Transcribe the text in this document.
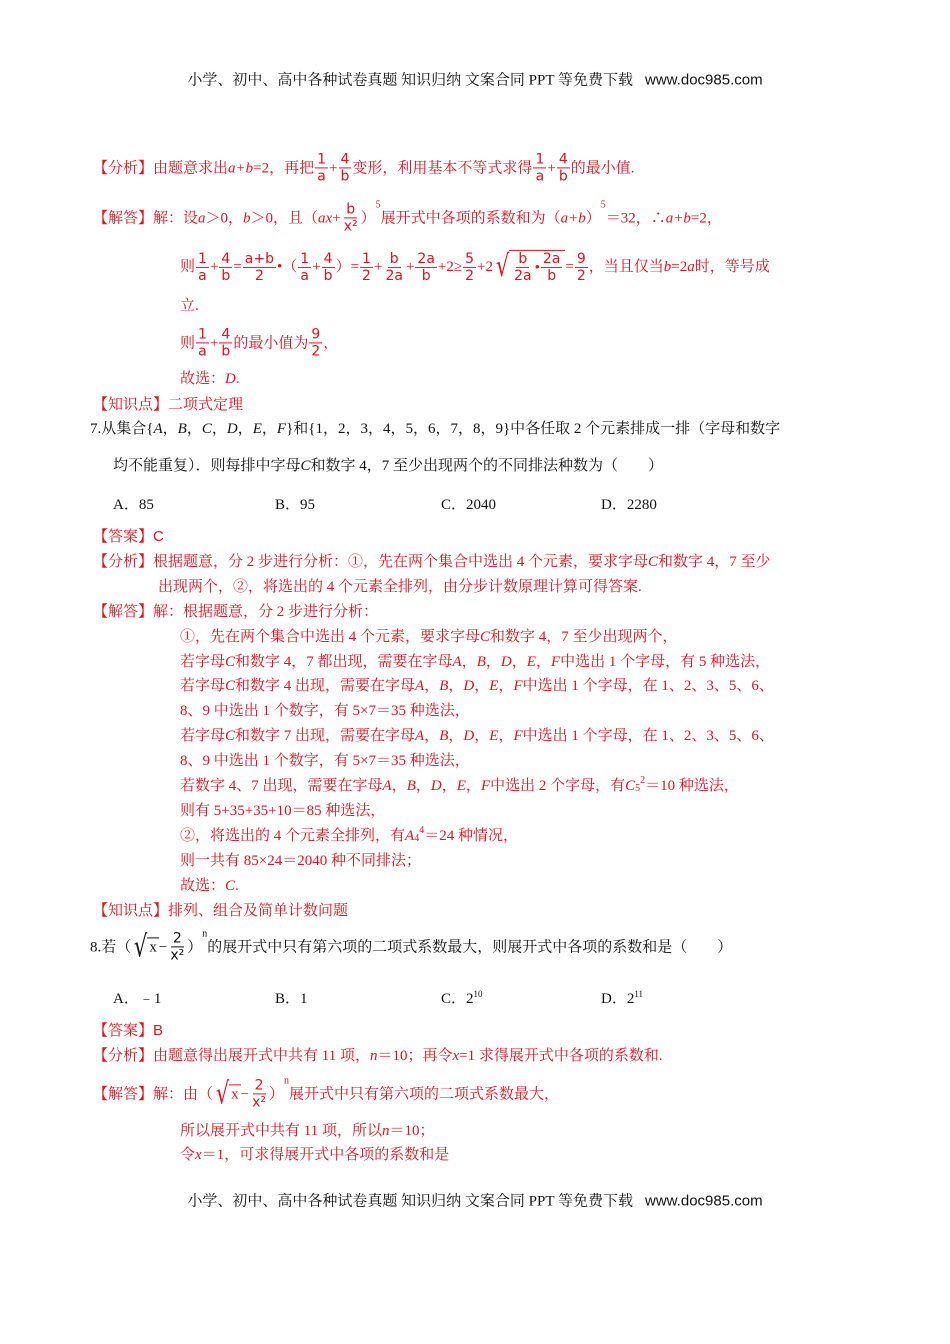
小学、初中、高中各种试卷真题 知识归纳 文案合同 PPT 等免费下载 www.doc985.com
【分析】由题意求出 a+b =2，再把 $\frac{1}{a} + \frac{4}{b}$ 变形，利用基本不等式求得 $\frac{1}{a} + \frac{4}{b}$ 的最小值.
【解答】解：设 a ＞0， b ＞0，且（ ax + $\frac{b}{\text{x²}}$ ）
5
展开式中各项的系数和为（ a+b ）
5
＝32，∴ a+b =2，
则 $\frac{1}{a} + \frac{4}{b} = \frac{a+b}{2}$ •（ $\frac{1}{a} + \frac{4}{b}$ ）= $\frac{1}{2} + \frac{b}{2a} + \frac{2a}{b} +2\ge \frac{5}{2} +2$ √ $\frac{b}{2a}$ • $\frac{2a}{b} = \frac{9}{2}$ ，当且仅当 b =2 a 时，等号成
立.
则 $\frac{1}{a} + \frac{4}{b}$ 的最小值为 $\frac{9}{2}$ ，
故选： D .
【知识点】二项式定理
7.从集合{ A ， B ， C ， D ， E ， F }和{1，2，3，4，5，6，7，8，9}中各任取 2 个元素排成一排（字母和数字
均不能重复）．则每排中字母 C 和数字 4，7 至少出现两个的不同排法种数为（　　）
【答案】 C
【分析】根据题意，分 2 步进行分析：①，先在两个集合中选出 4 个元素，要求字母 C 和数字 4，7 至少
出现两个，②，将选出的 4 个元素全排列，由分步计数原理计算可得答案.
【解答】解：根据题意，分 2 步进行分析：
①，先在两个集合中选出 4 个元素，要求字母 C 和数字 4，7 至少出现两个，
若字母 C 和数字 4，7 都出现，需要在字母 A ， B ， D ， E ， F 中选出 1 个字母，有 5 种选法，
若字母 C 和数字 4 出现，需要在字母 A ， B ， D ， E ， F 中选出 1 个字母，在 1、2、3、5、6、
8、9 中选出 1 个数字，有 5×7＝35 种选法，
若字母 C 和数字 7 出现，需要在字母 A ， B ， D ， E ， F 中选出 1 个字母，在 1、2、3、5、6、
8、9 中选出 1 个数字，有 5×7＝35 种选法，
若数字 4、7 出现，需要在字母 A ， B ， D ， E ， F 中选出 2 个字母，有 C 5
2 ＝10 种选法，
则有 5+35+35+10＝85 种选法，
②，将选出的 4 个元素全排列，有 A 4
4 ＝24 种情况，
则一共有 85×24＝2040 种不同排法；
故选： C .
【知识点】排列、组合及简单计数问题
8.若（ √ $x - \frac{2}{\text{x²}}$ ）
n
的展开式中只有第六项的二项式系数最大，则展开式中各项的系数和是（　　）
【答案】 B
【分析】由题意得出展开式中共有 11 项， n ＝10；再令 x =1 求得展开式中各项的系数和.
【解答】解：由（ √ $x - \frac{2}{\text{x²}}$ ）
n
展开式中只有第六项的二项式系数最大，
所以展开式中共有 11 项，所以 n ＝10；
令 x ＝1，可求得展开式中各项的系数和是
A．85	B．95	C．2040	D．2280
A．﹣1	B．1	C．$2^{10}$	D．$2^{11}$
小学、初中、高中各种试卷真题 知识归纳 文案合同 PPT 等免费下载 www.doc985.com
